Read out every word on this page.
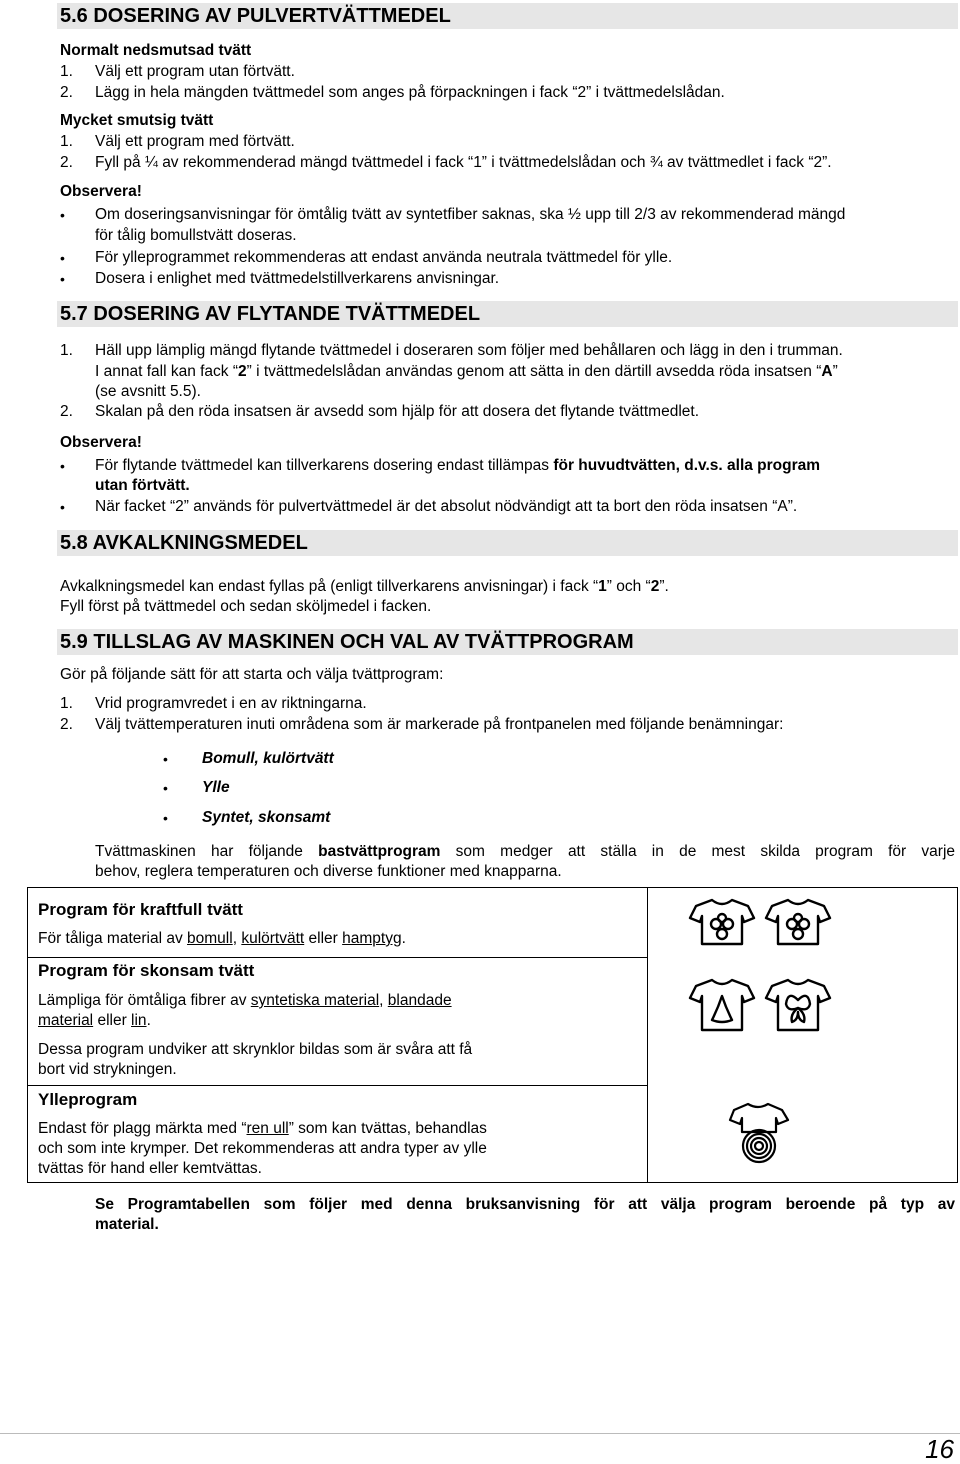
5.6 DOSERING AV PULVERTVÄTTMEDEL
Normalt nedsmutsad tvätt
1. Välj ett program utan förtvätt.
2. Lägg in hela mängden tvättmedel som anges på förpackningen i fack “2” i tvättmedelslådan.
Mycket smutsig tvätt
1. Välj ett program med förtvätt.
2. Fyll på ¼ av rekommenderad mängd tvättmedel i fack “1” i tvättmedelslådan och ¾ av tvättmedlet i fack “2”.
Observera!
• Om doseringsanvisningar för ömtålig tvätt av syntetfiber saknas, ska ½ upp till 2/3 av rekommenderad mängd
för tålig bomullstvätt doseras.
• För ylleprogrammet rekommenderas att endast använda neutrala tvättmedel för ylle.
• Dosera i enlighet med tvättmedelstillverkarens anvisningar.
5.7 DOSERING AV FLYTANDE TVÄTTMEDEL
1. Häll upp lämplig mängd flytande tvättmedel i doseraren som följer med behållaren och lägg in den i trumman.
I annat fall kan fack “2” i tvättmedelslådan användas genom att sätta in den därtill avsedda röda insatsen “A”
(se avsnitt 5.5).
2. Skalan på den röda insatsen är avsedd som hjälp för att dosera det flytande tvättmedlet.
Observera!
• För flytande tvättmedel kan tillverkarens dosering endast tillämpas för huvudtvätten, d.v.s. alla program
utan förtvätt.
• När facket “2” används för pulvertvättmedel är det absolut nödvändigt att ta bort den röda insatsen “A”.
5.8 AVKALKNINGSMEDEL
Avkalkningsmedel kan endast fyllas på (enligt tillverkarens anvisningar) i fack “1” och “2”.
Fyll först på tvättmedel och sedan sköljmedel i facken.
5.9 TILLSLAG AV MASKINEN OCH VAL AV TVÄTTPROGRAM
Gör på följande sätt för att starta och välja tvättprogram:
1. Vrid programvredet i en av riktningarna.
2. Välj tvättemperaturen inuti områdena som är markerade på frontpanelen med följande benämningar:
• Bomull, kulörtvätt
• Ylle
• Syntet, skonsamt
Tvättmaskinen har följande bastvättprogram som medger att ställa in de mest skilda program för varje
behov, reglera temperaturen och diverse funktioner med knapparna.
Program för kraftfull tvätt
För tåliga material av bomull, kulörtvätt eller hamptyg.
Program för skonsam tvätt
Lämpliga för ömtåliga fibrer av syntetiska material, blandade
material eller lin.
Dessa program undviker att skrynklor bildas som är svåra att få
bort vid strykningen.
Ylleprogram
Endast för plagg märkta med “ren ull” som kan tvättas, behandlas
och som inte krymper. Det rekommenderas att andra typer av ylle
tvättas för hand eller kemtvättas.
Se Programtabellen som följer med denna bruksanvisning för att välja program beroende på typ av
material.
16
